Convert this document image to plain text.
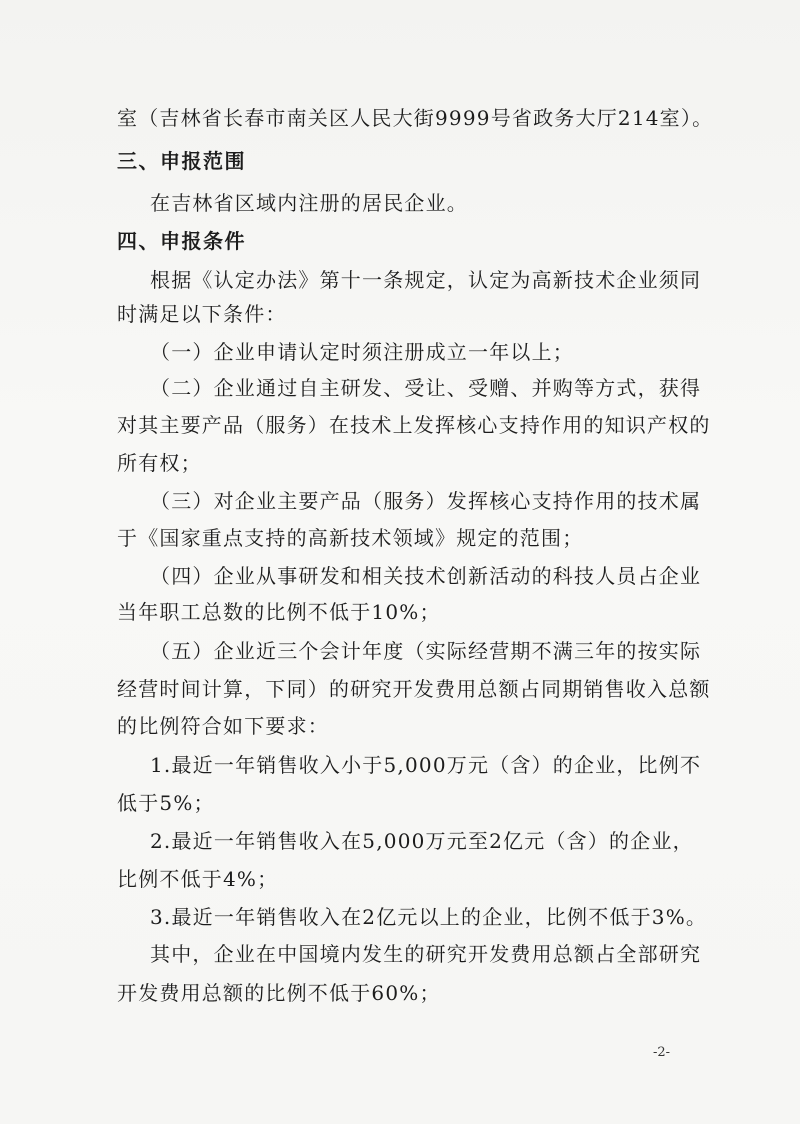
室（吉林省长春市南关区人民大街9999号省政务大厅214室）。
三、申报范围
在吉林省区域内注册的居民企业。
四、申报条件
根据《认定办法》第十一条规定，认定为高新技术企业须同
时满足以下条件：
（一）企业申请认定时须注册成立一年以上；
（二）企业通过自主研发、受让、受赠、并购等方式，获得
对其主要产品（服务）在技术上发挥核心支持作用的知识产权的
所有权；
（三）对企业主要产品（服务）发挥核心支持作用的技术属
于《国家重点支持的高新技术领域》规定的范围；
（四）企业从事研发和相关技术创新活动的科技人员占企业
当年职工总数的比例不低于10%；
（五）企业近三个会计年度（实际经营期不满三年的按实际
经营时间计算，下同）的研究开发费用总额占同期销售收入总额
的比例符合如下要求：
1.最近一年销售收入小于5,000万元（含）的企业，比例不
低于5%；
2.最近一年销售收入在5,000万元至2亿元（含）的企业，
比例不低于4%；
3.最近一年销售收入在2亿元以上的企业，比例不低于3%。
其中，企业在中国境内发生的研究开发费用总额占全部研究
开发费用总额的比例不低于60%；
-2-
